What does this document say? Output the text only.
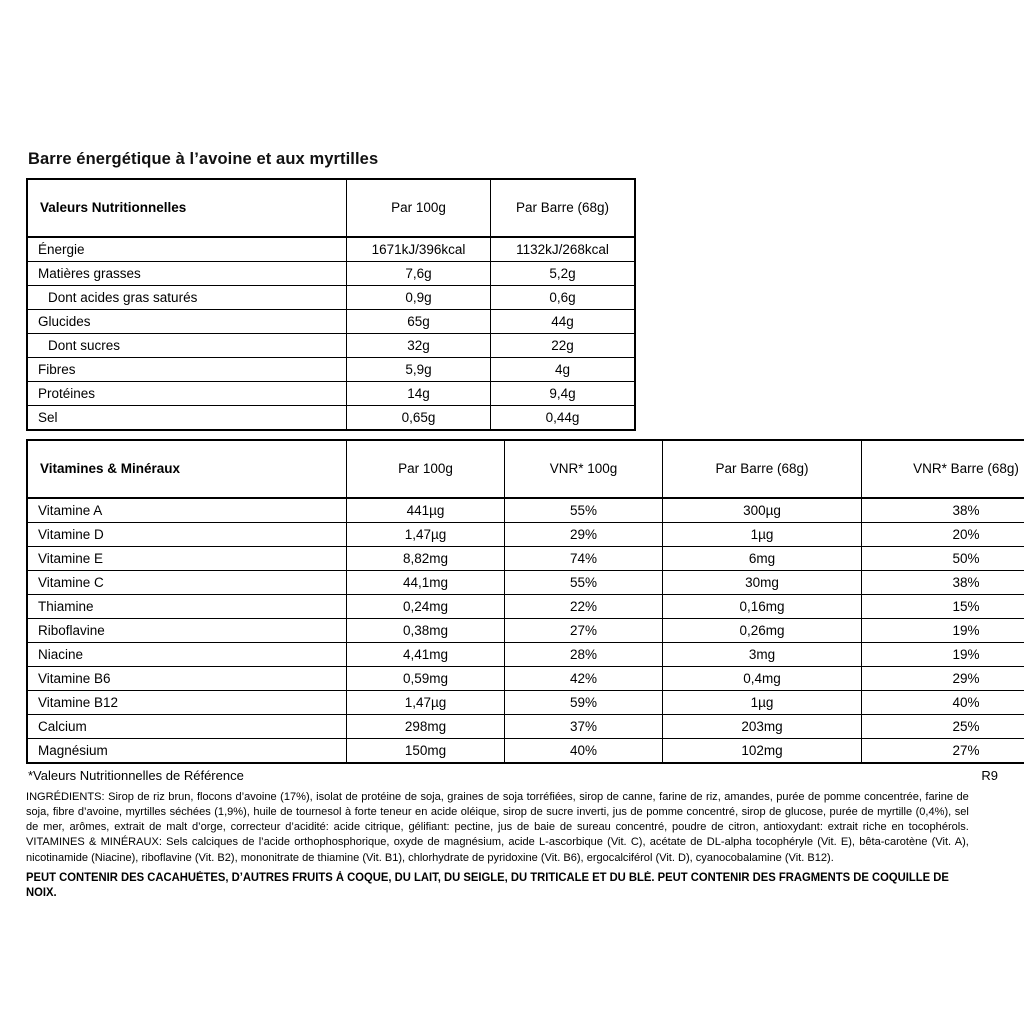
Barre énergétique à l’avoine et aux myrtilles
Valeurs Nutritionnelles	Par 100g	Par Barre (68g)
Énergie	1671kJ/396kcal	1132kJ/268kcal
Matières grasses	7,6g	5,2g
Dont acides gras saturés	0,9g	0,6g
Glucides	65g	44g
Dont sucres	32g	22g
Fibres	5,9g	4g
Protéines	14g	9,4g
Sel	0,65g	0,44g
Vitamines & Minéraux	Par 100g	VNR* 100g	Par Barre (68g)	VNR* Barre (68g)
Vitamine A	441µg	55%	300µg	38%
Vitamine D	1,47µg	29%	1µg	20%
Vitamine E	8,82mg	74%	6mg	50%
Vitamine C	44,1mg	55%	30mg	38%
Thiamine	0,24mg	22%	0,16mg	15%
Riboflavine	0,38mg	27%	0,26mg	19%
Niacine	4,41mg	28%	3mg	19%
Vitamine B6	0,59mg	42%	0,4mg	29%
Vitamine B12	1,47µg	59%	1µg	40%
Calcium	298mg	37%	203mg	25%
Magnésium	150mg	40%	102mg	27%
*Valeurs Nutritionnelles de Référence	R9
INGRÉDIENTS: Sirop de riz brun, flocons d’avoine (17%), isolat de protéine de soja, graines de soja torréfiées, sirop de canne, farine de riz, amandes, purée de pomme concentrée, farine de soja, fibre d’avoine, myrtilles séchées (1,9%), huile de tournesol à forte teneur en acide oléique, sirop de sucre inverti, jus de pomme concentré, sirop de glucose, purée de myrtille (0,4%), sel de mer, arômes, extrait de malt d’orge, correcteur d’acidité: acide citrique, gélifiant: pectine, jus de baie de sureau concentré, poudre de citron, antioxydant: extrait riche en tocophérols. VITAMINES & MINÉRAUX: Sels calciques de l’acide orthophosphorique, oxyde de magnésium, acide L-ascorbique (Vit. C), acétate de DL-alpha tocophéryle (Vit. E), bêta-carotène (Vit. A), nicotinamide (Niacine), riboflavine (Vit. B2), mononitrate de thiamine (Vit. B1), chlorhydrate de pyridoxine (Vit. B6), ergocalciférol (Vit. D), cyanocobalamine (Vit. B12).
PEUT CONTENIR DES CACAHUÈTES, D’AUTRES FRUITS À COQUE, DU LAIT, DU SEIGLE, DU TRITICALE ET DU BLÉ. PEUT CONTENIR DES FRAGMENTS DE COQUILLE DE NOIX.
